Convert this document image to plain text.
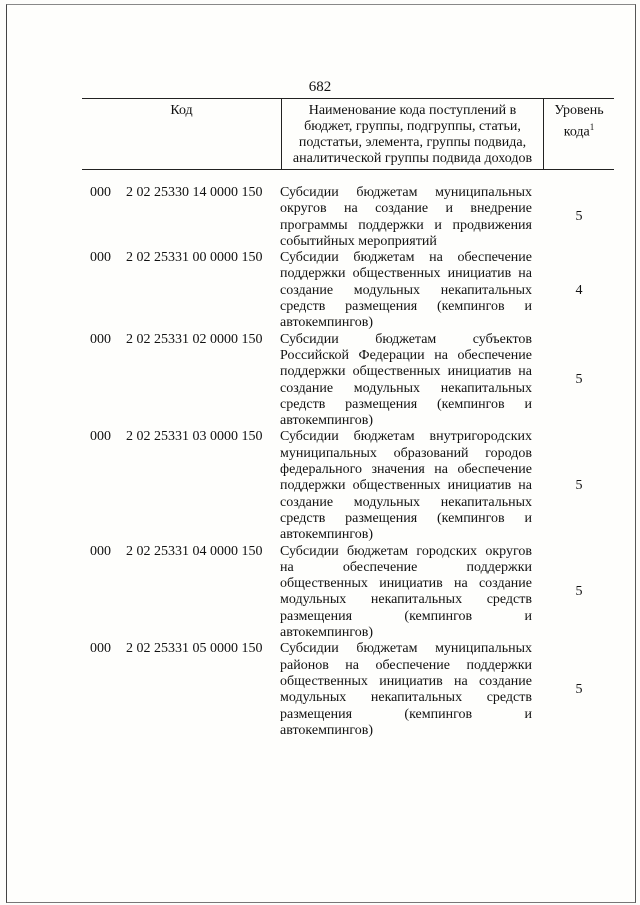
682
Код	Наименование кода поступлений в
бюджет, группы, подгруппы, статьи,
подстатьи, элемента, группы подвида,
аналитической группы подвида доходов

Уровень
кода$^1$
000	2 02 25330 14 0000 150	Субсидии бюджетам муниципальных
округов на создание и внедрение
программы поддержки и продвижения
событийных мероприятий
5
000	2 02 25331 00 0000 150	Субсидии бюджетам на обеспечение
поддержки общественных инициатив на
создание модульных некапитальных
средств размещения (кемпингов и
автокемпингов)
4
000	2 02 25331 02 0000 150	Субсидии бюджетам субъектов
Российской Федерации на обеспечение
поддержки общественных инициатив на
создание модульных некапитальных
средств размещения (кемпингов и
автокемпингов)
5
000	2 02 25331 03 0000 150	Субсидии бюджетам внутригородских
муниципальных образований городов
федерального значения на обеспечение
поддержки общественных инициатив на
создание модульных некапитальных
средств размещения (кемпингов и
автокемпингов)
5
000	2 02 25331 04 0000 150	Субсидии бюджетам городских округов
на обеспечение поддержки
общественных инициатив на создание
модульных некапитальных средств
размещения (кемпингов и
автокемпингов)
5
000	2 02 25331 05 0000 150	Субсидии бюджетам муниципальных
районов на обеспечение поддержки
общественных инициатив на создание
модульных некапитальных средств
размещения (кемпингов и
автокемпингов)
5
